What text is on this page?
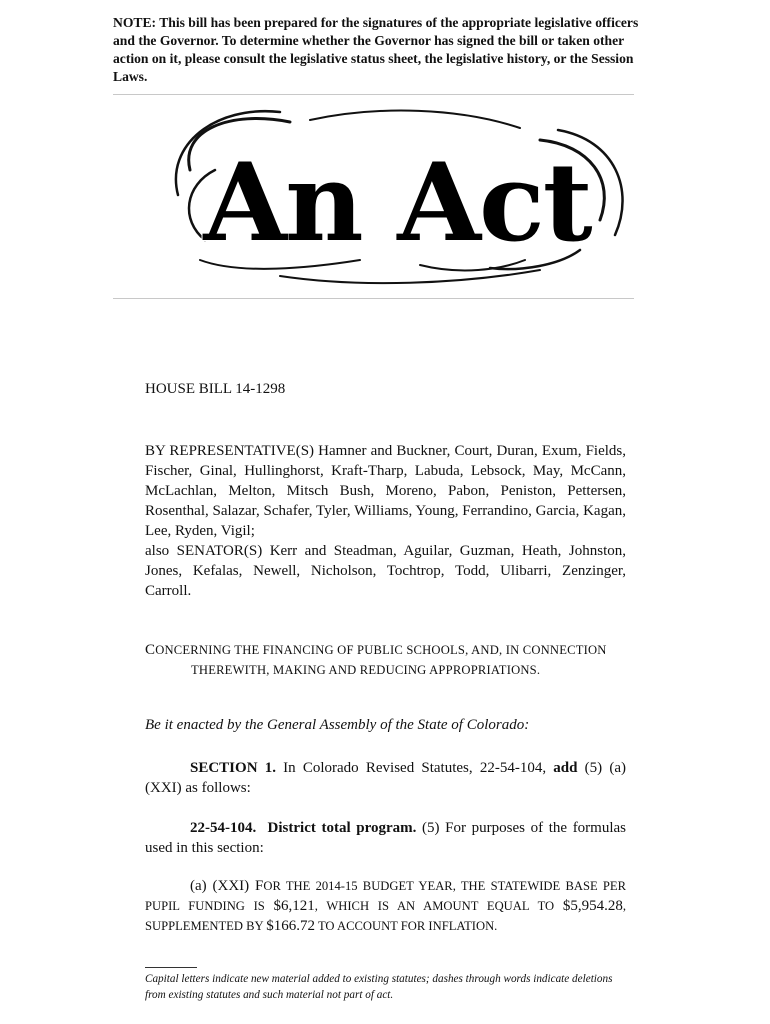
NOTE: This bill has been prepared for the signatures of the appropriate legislative officers and the Governor. To determine whether the Governor has signed the bill or taken other action on it, please consult the legislative status sheet, the legislative history, or the Session Laws.
An Act
HOUSE BILL 14-1298

BY REPRESENTATIVE(S) Hamner and Buckner, Court, Duran, Exum, Fields, Fischer, Ginal, Hullinghorst, Kraft-Tharp, Labuda, Lebsock, May, McCann, McLachlan, Melton, Mitsch Bush, Moreno, Pabon, Peniston, Pettersen, Rosenthal, Salazar, Schafer, Tyler, Williams, Young, Ferrandino, Garcia, Kagan, Lee, Ryden, Vigil;

also SENATOR(S) Kerr and Steadman, Aguilar, Guzman, Heath, Johnston, Jones, Kefalas, Newell, Nicholson, Tochtrop, Todd, Ulibarri, Zenzinger, Carroll.

CONCERNING THE FINANCING OF PUBLIC SCHOOLS, AND, IN CONNECTION
THEREWITH, MAKING AND REDUCING APPROPRIATIONS.
Be it enacted by the General Assembly of the State of Colorado:
SECTION 1. In Colorado Revised Statutes, 22-54-104, add (5) (a) (XXI) as follows:
22-54-104. District total program. (5) For purposes of the formulas used in this section:
(a) (XXI) FOR THE 2014-15 BUDGET YEAR, THE STATEWIDE BASE PER PUPIL FUNDING IS $6,121, WHICH IS AN AMOUNT EQUAL TO $5,954.28, SUPPLEMENTED BY $166.72 TO ACCOUNT FOR INFLATION.
Capital letters indicate new material added to existing statutes; dashes through words indicate deletions from existing statutes and such material not part of act.
